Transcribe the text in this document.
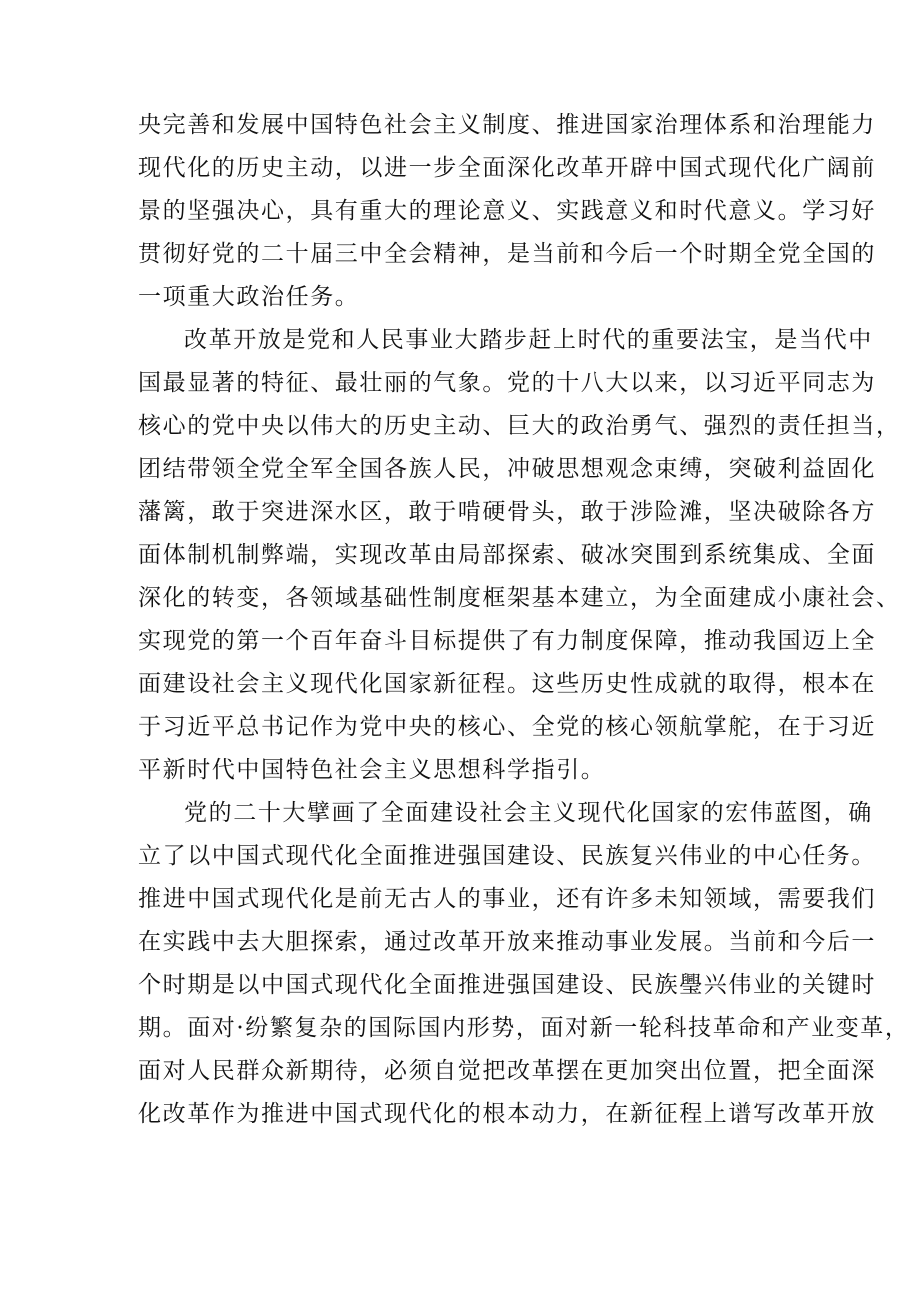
央完善和发展中国特色社会主义制度、推进国家治理体系和治理能力
现代化的历史主动，以进一步全面深化改革开辟中国式现代化广阔前
景的坚强决心，具有重大的理论意义、实践意义和时代意义。学习好
贯彻好党的二十届三中全会精神，是当前和今后一个时期全党全国的
一项重大政治任务。
改革开放是党和人民事业大踏步赶上时代的重要法宝，是当代中
国最显著的特征、最壮丽的气象。党的十八大以来，以习近平同志为
核心的党中央以伟大的历史主动、巨大的政治勇气、强烈的责任担当，
团结带领全党全军全国各族人民，冲破思想观念束缚，突破利益固化
藩篱，敢于突进深水区，敢于啃硬骨头，敢于涉险滩，坚决破除各方
面体制机制弊端，实现改革由局部探索、破冰突围到系统集成、全面
深化的转变，各领域基础性制度框架基本建立，为全面建成小康社会、
实现党的第一个百年奋斗目标提供了有力制度保障，推动我国迈上全
面建设社会主义现代化国家新征程。这些历史性成就的取得，根本在
于习近平总书记作为党中央的核心、全党的核心领航掌舵，在于习近
平新时代中国特色社会主义思想科学指引。
党的二十大擘画了全面建设社会主义现代化国家的宏伟蓝图，确
立了以中国式现代化全面推进强国建设、民族复兴伟业的中心任务。
推进中国式现代化是前无古人的事业，还有许多未知领域，需要我们
在实践中去大胆探索，通过改革开放来推动事业发展。当前和今后一
个时期是以中国式现代化全面推进强国建设、民族璺兴伟业的关键时
期。面对·纷繁复杂的国际国内形势，面对新一轮科技革命和产业变革，
面对人民群众新期待，必须自觉把改革摆在更加突出位置，把全面深
化改革作为推进中国式现代化的根本动力，在新征程上谱写改革开放
